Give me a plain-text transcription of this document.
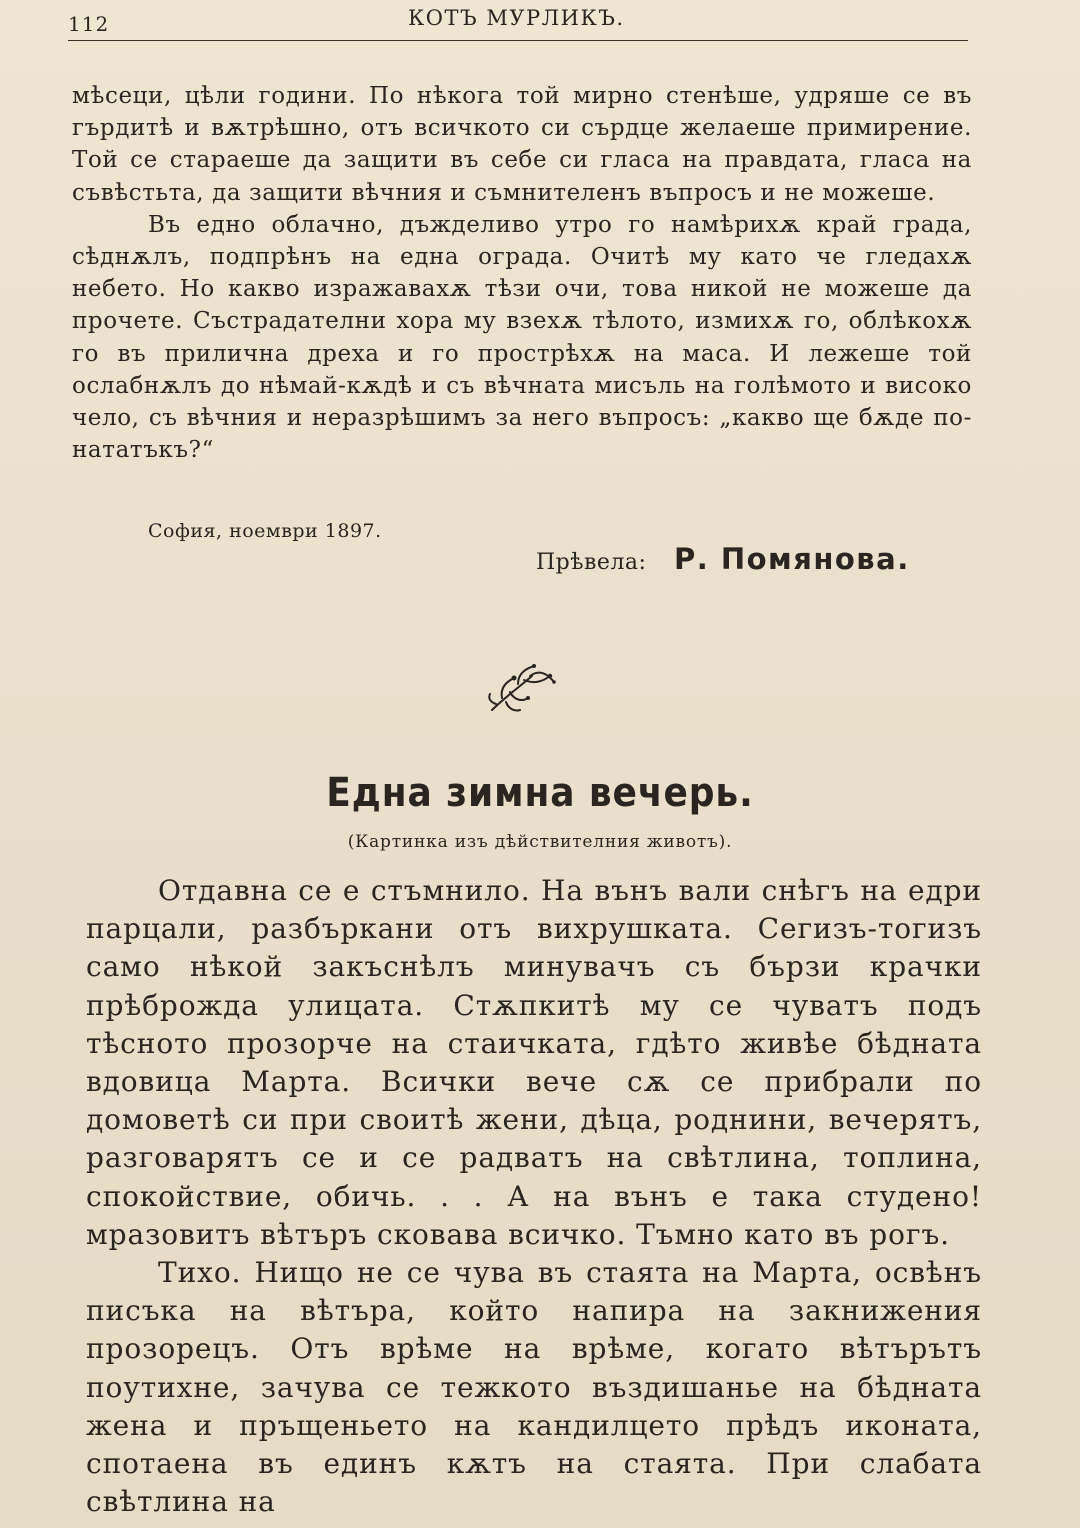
112	КОТЪ МУРЛИКЪ.

мѣсеци, цѣли години. По нѣкога той мирно стенѣше, удряше се въ гърдитѣ и вѫтрѣшно, отъ всичкото си сърдце желаеше примирение. Той се стараеше да защити въ себе си гласа на правдата, гласа на съвѣстьта, да защити вѣчния и съмнителенъ въпросъ и не можеше.

Въ едно облачно, дъжделиво утро го намѣрихѫ край града, сѣднѫлъ, подпрѣнъ на една ограда. Очитѣ му като че гледахѫ небето. Но какво изражавахѫ тѣзи очи, това никой не можеше да прочете. Състрадателни хора му взехѫ тѣлото, измихѫ го, облѣкохѫ го въ прилична дреха и го прострѣхѫ на маса. И лежеше той ослабнѫлъ до нѣмай-кѫдѣ и съ вѣчната мисъль на голѣмото и високо чело, съ вѣчния и неразрѣшимъ за него въпросъ: „какво ще бѫде по-нататъкъ?“

София, ноември 1897.
Прѣвела: Р. Помянова.
Една зимна вечерь.
(Картинка изъ дѣйствителния животъ).

Отдавна се е стъмнило. На вънъ вали снѣгъ на едри парцали, разбъркани отъ вихрушката. Сегизъ-тогизъ само нѣкой закъснѣлъ минувачъ съ бързи крачки прѣброжда улицата. Стѫпкитѣ му се чуватъ подъ тѣсното прозорче на стаичката, гдѣто живѣе бѣдната вдовица Марта. Всички вече сѫ се прибрали по домоветѣ си при своитѣ жени, дѣца, роднини, вечерятъ, разговарятъ се и се радватъ на свѣтлина, топлина, спокойствие, обичь. . . А на вънъ е така студено! мразовитъ вѣтъръ сковава всичко. Тъмно като въ рогъ.

Тихо. Нищо не се чува въ стаята на Марта, освѣнъ писъка на вѣтъра, който напира на закнижения прозорецъ. Отъ врѣме на врѣме, когато вѣтърътъ поутихне, зачува се тежкото въздишанье на бѣдната жена и пръщеньето на кандилцето прѣдъ иконата, спотаена въ единъ кѫтъ на стаята. При слабата свѣтлина на
